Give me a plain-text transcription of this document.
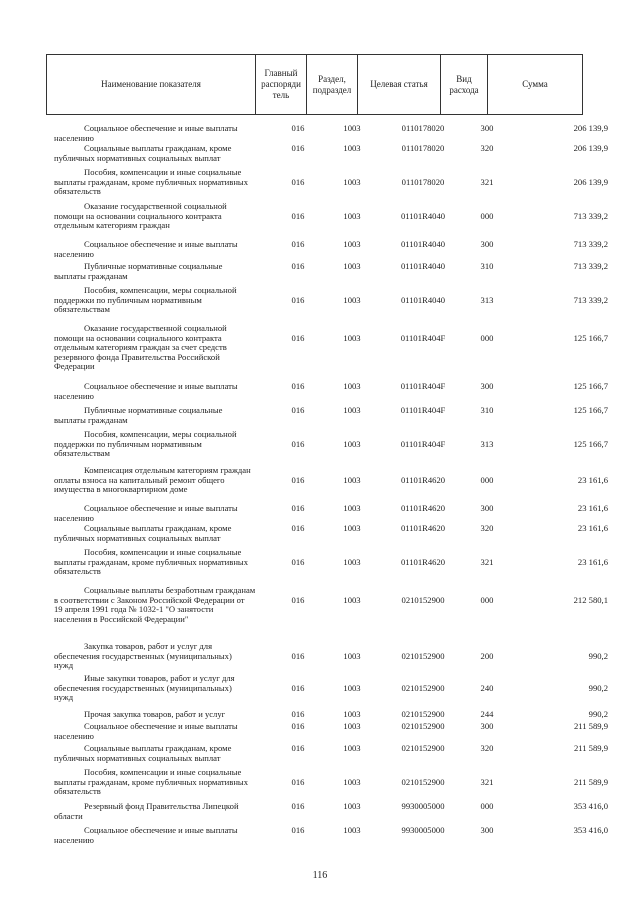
Наименование показателя	Главный распоряди тель	Раздел, подраздел	Целевая статья	Вид расхода	Сумма
Социальное обеспечение и иные выплаты
населению
016	1003	0110178020	300	206 139,9
Социальные выплаты гражданам, кроме
публичных нормативных социальных выплат
016	1003	0110178020	320	206 139,9
Пособия, компенсации и иные социальные
выплаты гражданам, кроме публичных нормативных
обязательств
016	1003	0110178020	321	206 139,9
Оказание государственной социальной
помощи на основании социального контракта
отдельным категориям граждан
016	1003	01101R4040	000	713 339,2
Социальное обеспечение и иные выплаты
населению
016	1003	01101R4040	300	713 339,2
Публичные нормативные социальные
выплаты гражданам
016	1003	01101R4040	310	713 339,2
Пособия, компенсации, меры социальной
поддержки по публичным нормативным
обязательствам
016	1003	01101R4040	313	713 339,2
Оказание государственной социальной
помощи на основании социального контракта
отдельным категориям граждан за счет средств
резервного фонда Правительства Российской
Федерации
016	1003	01101R404F	000	125 166,7
Социальное обеспечение и иные выплаты
населению
016	1003	01101R404F	300	125 166,7
Публичные нормативные социальные
выплаты гражданам
016	1003	01101R404F	310	125 166,7
Пособия, компенсации, меры социальной
поддержки по публичным нормативным
обязательствам
016	1003	01101R404F	313	125 166,7
Компенсация отдельным категориям граждан
оплаты взноса на капитальный ремонт общего
имущества в многоквартирном доме
016	1003	01101R4620	000	23 161,6
Социальное обеспечение и иные выплаты
населению
016	1003	01101R4620	300	23 161,6
Социальные выплаты гражданам, кроме
публичных нормативных социальных выплат
016	1003	01101R4620	320	23 161,6
Пособия, компенсации и иные социальные
выплаты гражданам, кроме публичных нормативных
обязательств
016	1003	01101R4620	321	23 161,6
Социальные выплаты безработным гражданам
в соответствии с Законом Российской Федерации от
19 апреля 1991 года № 1032-1 "О занятости
населения в Российской Федерации"
016	1003	0210152900	000	212 580,1
Закупка товаров, работ и услуг для
обеспечения государственных (муниципальных)
нужд
016	1003	0210152900	200	990,2
Иные закупки товаров, работ и услуг для
обеспечения государственных (муниципальных)
нужд
016	1003	0210152900	240	990,2
Прочая закупка товаров, работ и услуг	016	1003	0210152900	244	990,2
Социальное обеспечение и иные выплаты
населению
016	1003	0210152900	300	211 589,9
Социальные выплаты гражданам, кроме
публичных нормативных социальных выплат
016	1003	0210152900	320	211 589,9
Пособия, компенсации и иные социальные
выплаты гражданам, кроме публичных нормативных
обязательств
016	1003	0210152900	321	211 589,9
Резервный фонд Правительства Липецкой
области
016	1003	9930005000	000	353 416,0
Социальное обеспечение и иные выплаты
населению
016	1003	9930005000	300	353 416,0
116
